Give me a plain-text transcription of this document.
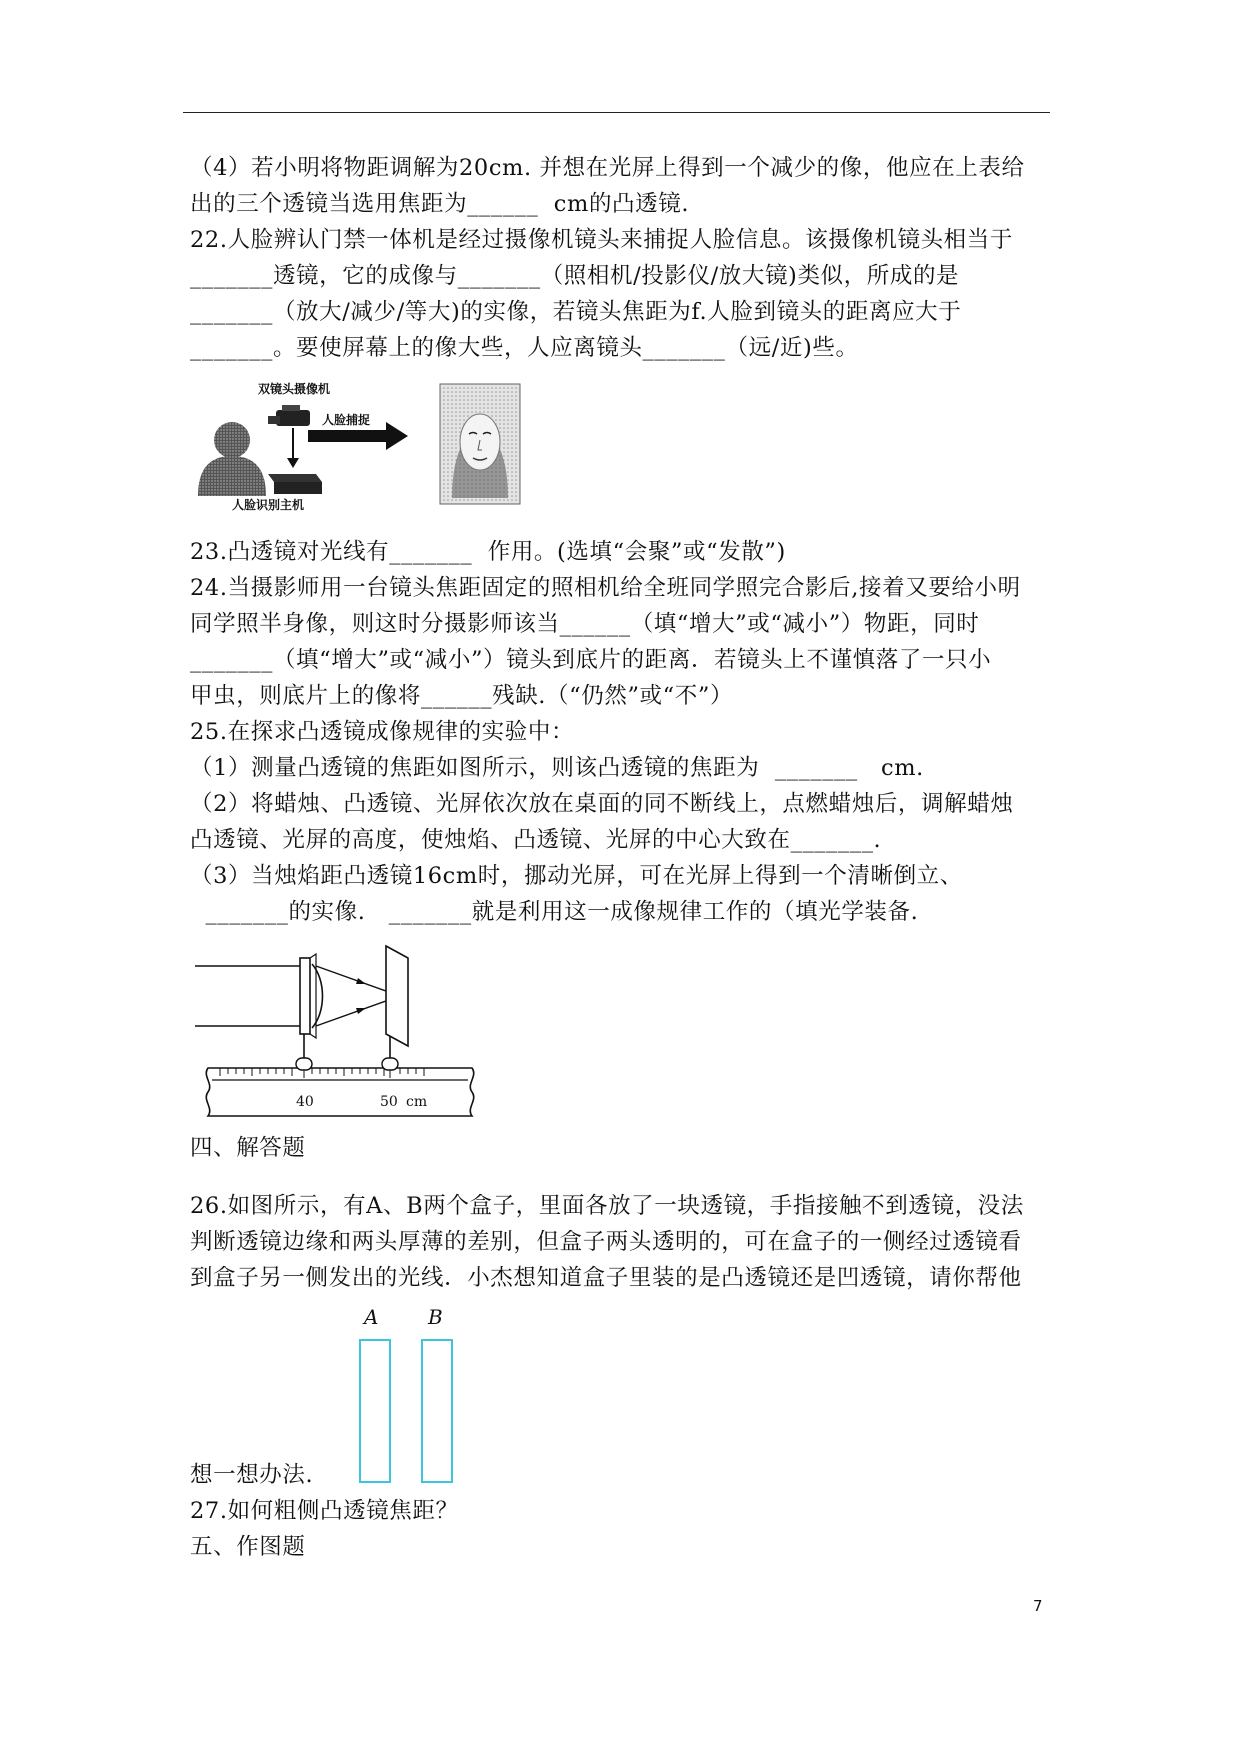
（4）若小明将物距调解为20cm. 并想在光屏上得到一个减少的像，他应在上表给
出的三个透镜当选用焦距为______  cm的凸透镜.
22.人脸辨认门禁一体机是经过摄像机镜头来捕捉人脸信息。该摄像机镜头相当于
_______透镜，它的成像与_______（照相机/投影仪/放大镜)类似，所成的是
_______（放大/减少/等大)的实像，若镜头焦距为f.人脸到镜头的距离应大于
_______。要使屏幕上的像大些，人应离镜头_______（远/近)些。
双镜头摄像机
人脸识别主机
人脸捕捉
23.凸透镜对光线有_______  作用。(选填“会聚”或“发散”)
24.当摄影师用一台镜头焦距固定的照相机给全班同学照完合影后,接着又要给小明
同学照半身像，则这时分摄影师该当______（填“增大”或“减小”）物距，同时
_______（填“增大”或“减小”）镜头到底片的距离．若镜头上不谨慎落了一只小
甲虫，则底片上的像将______残缺.（“仍然”或“不”）
25.在探求凸透镜成像规律的实验中：
（1）测量凸透镜的焦距如图所示，则该凸透镜的焦距为  _______   cm.
（2）将蜡烛、凸透镜、光屏依次放在桌面的同不断线上，点燃蜡烛后，调解蜡烛
凸透镜、光屏的高度，使烛焰、凸透镜、光屏的中心大致在_______.
（3）当烛焰距凸透镜16cm时，挪动光屏，可在光屏上得到一个清晰倒立、
_______的实像.   _______就是利用这一成像规律工作的（填光学装备.
40	50 cm
四、解答题
26.如图所示，有A、B两个盒子，里面各放了一块透镜，手指接触不到透镜，没法
判断透镜边缘和两头厚薄的差别，但盒子两头透明的，可在盒子的一侧经过透镜看
到盒子另一侧发出的光线．小杰想知道盒子里装的是凸透镜还是凹透镜，请你帮他
A B
想一想办法.
27.如何粗侧凸透镜焦距？
五、作图题
7
